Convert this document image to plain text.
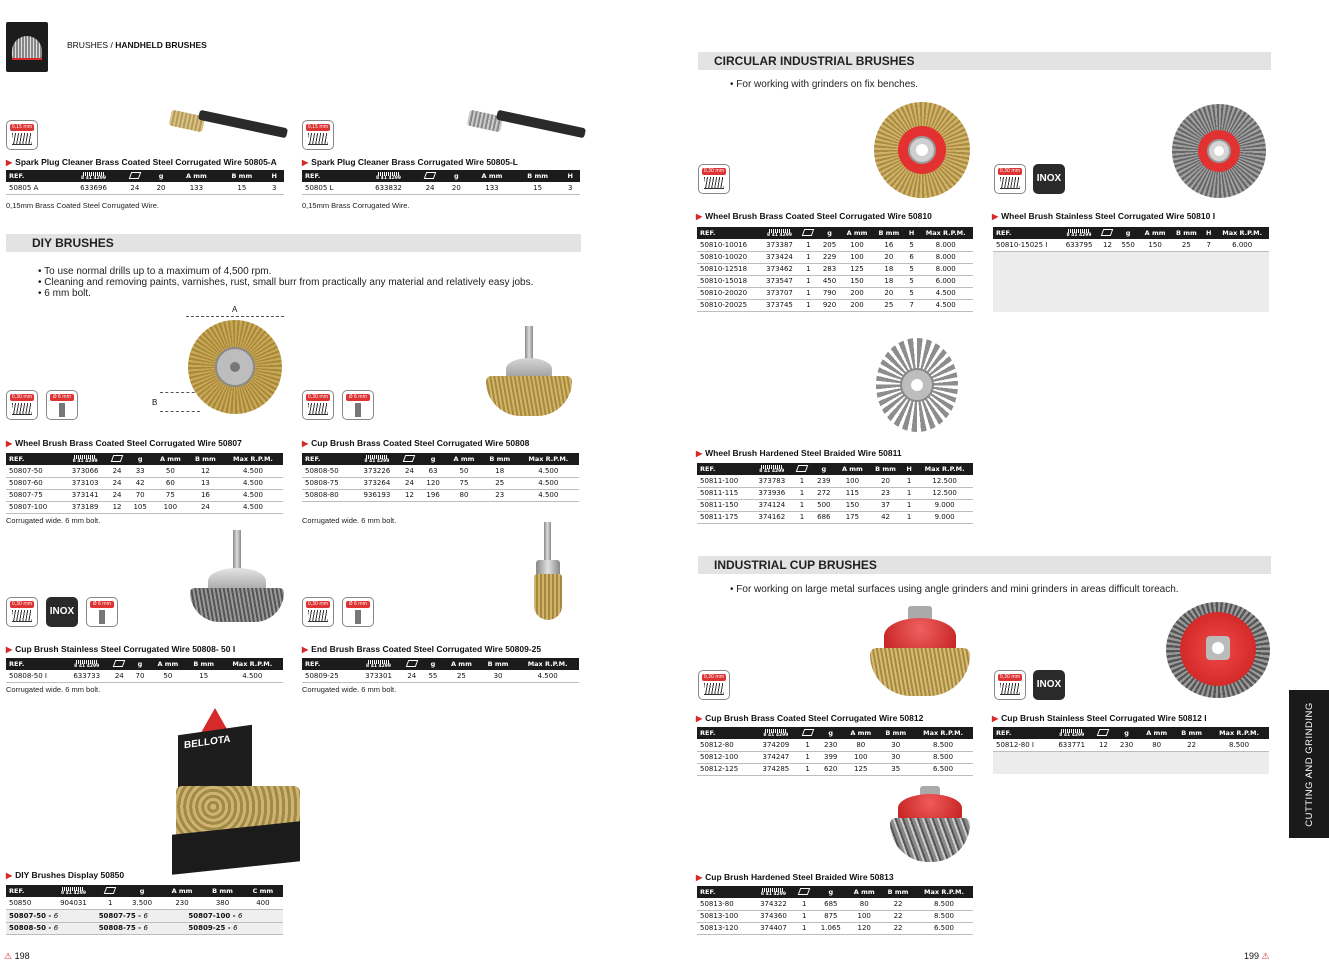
BRUSHES / HANDHELD BRUSHES
0,15 mm
▶ Spark Plug Cleaner Brass Coated Steel Corrugated Wire 50805-A
REF.	8 41 4299		g	A mm	B mm	H
50805 A	633696	24	20	133	15	3
0,15mm Brass Coated Steel Corrugated Wire.
0,15 mm
▶ Spark Plug Cleaner Brass Corrugated Wire 50805-L
REF.	8 41 4299		g	A mm	B mm	H
50805 L	633832	24	20	133	15	3
0,15mm Brass Corrugated Wire.
DIY BRUSHES
• To use normal drills up to a maximum of 4,500 rpm.
• Cleaning and removing paints, varnishes, rust, small burr from practically any material and relatively easy jobs.
• 6 mm bolt.
A
B
0,30 mm	Ø 6 mm
▶ Wheel Brush Brass Coated Steel Corrugated Wire 50807
REF.	8 41 4299		g	A mm	B mm	Max R.P.M.
50807-50	373066	24	33	50	12	4.500
50807-60	373103	24	42	60	13	4.500
50807-75	373141	24	70	75	16	4.500
50807-100	373189	12	105	100	24	4.500
Corrugated wide. 6 mm bolt.
0,30 mm	Ø 6 mm
▶ Cup Brush Brass Coated Steel Corrugated Wire 50808
REF.	8 41 4299		g	A mm	B mm	Max R.P.M.
50808-50	373226	24	63	50	18	4.500
50808-75	373264	24	120	75	25	4.500
50808-80	936193	12	196	80	23	4.500
Corrugated wide. 6 mm bolt.
0,30 mm
INOX
Ø 6 mm
▶ Cup Brush Stainless Steel Corrugated Wire 50808- 50 I
REF.	8 41 4299		g	A mm	B mm	Max R.P.M.
50808-50 I	633733	24	70	50	15	4.500
Corrugated wide. 6 mm bolt.
0,30 mm	Ø 6 mm
▶ End Brush Brass Coated Steel Corrugated Wire 50809-25
REF.	8 41 4299		g	A mm	B mm	Max R.P.M.
50809-25	373301	24	55	25	30	4.500
Corrugated wide. 6 mm bolt.
BELLOTA
▶ DIY Brushes Display 50850
REF.	8 41 4299		g	A mm	B mm	C mm
50850	904031	1	3.500	230	380	400
50807-50 - 6	50807-75 - 6	50807-100 - 6
50808-50 - 6	50808-75 - 6	50809-25 - 6
CIRCULAR INDUSTRIAL BRUSHES
• For working with grinders on fix benches.
0,30 mm
▶ Wheel Brush Brass Coated Steel Corrugated Wire 50810
REF.	8 41 4299		g	A mm	B mm	H	Max R.P.M.
50810-10016	373387	1	205	100	16	5	8.000
50810-10020	373424	1	229	100	20	6	8.000
50810-12518	373462	1	283	125	18	5	8.000
50810-15018	373547	1	450	150	18	5	6.000
50810-20020	373707	1	790	200	20	5	4.500
50810-20025	373745	1	920	200	25	7	4.500
0,30 mm
INOX
▶ Wheel Brush Stainless Steel Corrugated Wire 50810 I
REF.	8 41 4299		g	A mm	B mm	H	Max R.P.M.
50810-15025 I	633795	12	550	150	25	7	6.000
▶ Wheel Brush Hardened Steel Braided Wire 50811
REF.	8 41 4299		g	A mm	B mm	H	Max R.P.M.
50811-100	373783	1	239	100	20	1	12.500
50811-115	373936	1	272	115	23	1	12.500
50811-150	374124	1	500	150	37	1	9.000
50811-175	374162	1	686	175	42	1	9.000
INDUSTRIAL CUP BRUSHES
• For working on large metal surfaces using angle grinders and mini grinders in areas difficult toreach.
0,30 mm
▶ Cup Brush Brass Coated Steel Corrugated Wire 50812
REF.	8 41 4299		g	A mm	B mm	Max R.P.M.
50812-80	374209	1	230	80	30	8.500
50812-100	374247	1	399	100	30	8.500
50812-125	374285	1	620	125	35	6.500
0,30 mm
INOX
▶ Cup Brush Stainless Steel Corrugated Wire 50812 I
REF.	8 41 4299		g	A mm	B mm	Max R.P.M.
50812-80 I	633771	12	230	80	22	8.500
▶ Cup Brush Hardened Steel Braided Wire 50813
REF.	8 41 4299		g	A mm	B mm	Max R.P.M.
50813-80	374322	1	685	80	22	8.500
50813-100	374360	1	875	100	22	8.500
50813-120	374407	1	1.065	120	22	6.500
CUTTING AND GRINDING
⚠ 198	199 ⚠
